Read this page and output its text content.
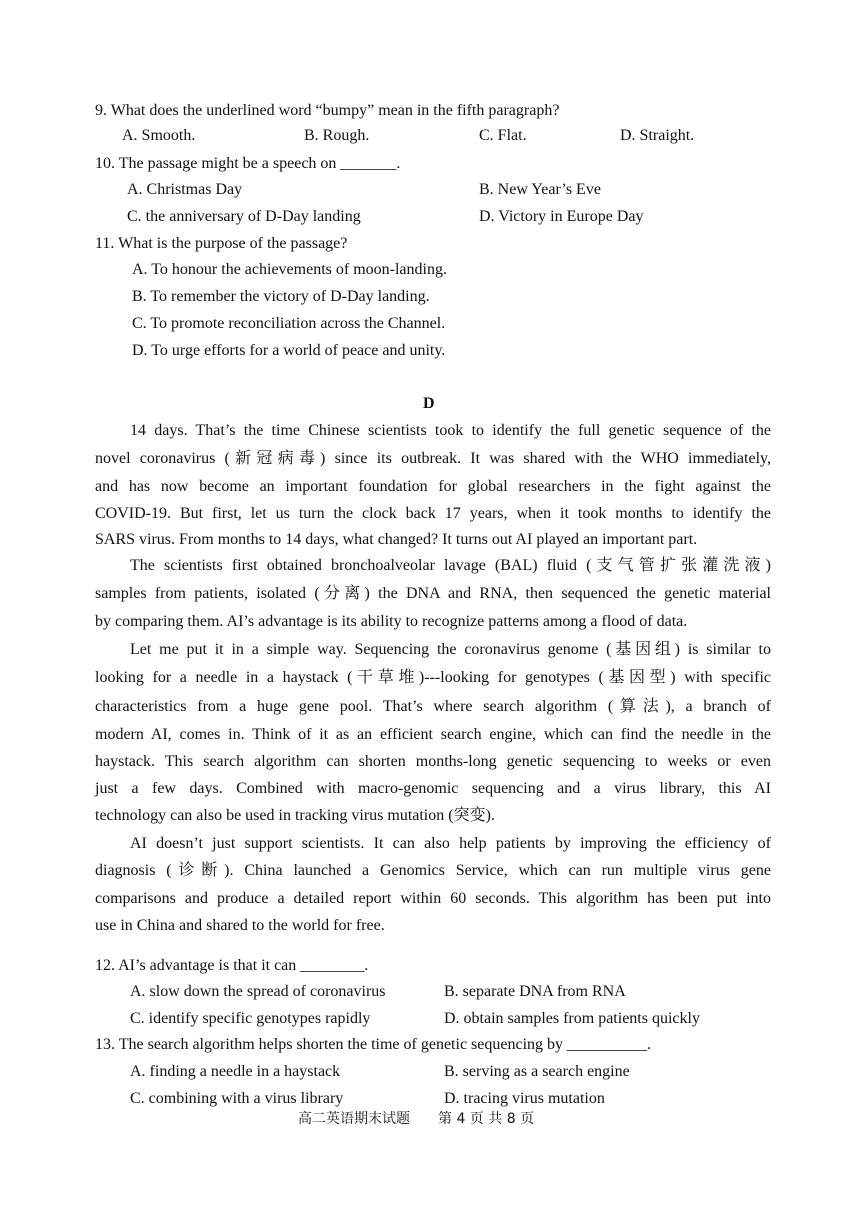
9. What does the underlined word “bumpy” mean in the fifth paragraph?
A. Smooth.	B. Rough.	C. Flat.	D. Straight.
10. The passage might be a speech on _______.
A. Christmas Day	B. New Year’s Eve
C. the anniversary of D-Day landing	D. Victory in Europe Day
11. What is the purpose of the passage?
A. To honour the achievements of moon-landing.
B. To remember the victory of D-Day landing.
C. To promote reconciliation across the Channel.
D. To urge efforts for a world of peace and unity.
D
14 days. That’s the time Chinese scientists took to identify the full genetic sequence of the
novel coronavirus (新冠病毒) since its outbreak. It was shared with the WHO immediately,
and has now become an important foundation for global researchers in the fight against the
COVID-19. But first, let us turn the clock back 17 years, when it took months to identify the
SARS virus. From months to 14 days, what changed? It turns out AI played an important part.
The scientists first obtained bronchoalveolar lavage (BAL) fluid (支气管扩张灌洗液)
samples from patients, isolated (分离) the DNA and RNA, then sequenced the genetic material
by comparing them. AI’s advantage is its ability to recognize patterns among a flood of data.
Let me put it in a simple way. Sequencing the coronavirus genome (基因组) is similar to
looking for a needle in a haystack (干草堆)---looking for genotypes (基因型) with specific
characteristics from a huge gene pool. That’s where search algorithm (算法), a branch of
modern AI, comes in. Think of it as an efficient search engine, which can find the needle in the
haystack. This search algorithm can shorten months-long genetic sequencing to weeks or even
just a few days. Combined with macro-genomic sequencing and a virus library, this AI
technology can also be used in tracking virus mutation (突变).
AI doesn’t just support scientists. It can also help patients by improving the efficiency of
diagnosis (诊断). China launched a Genomics Service, which can run multiple virus gene
comparisons and produce a detailed report within 60 seconds. This algorithm has been put into
use in China and shared to the world for free.
12. AI’s advantage is that it can ________.
A. slow down the spread of coronavirus	B. separate DNA from RNA
C. identify specific genotypes rapidly	D. obtain samples from patients quickly
13. The search algorithm helps shorten the time of genetic sequencing by __________.
A. finding a needle in a haystack	B. serving as a search engine
C. combining with a virus library	D. tracing virus mutation
高二英语期末试题　　第 4 页 共 8 页
